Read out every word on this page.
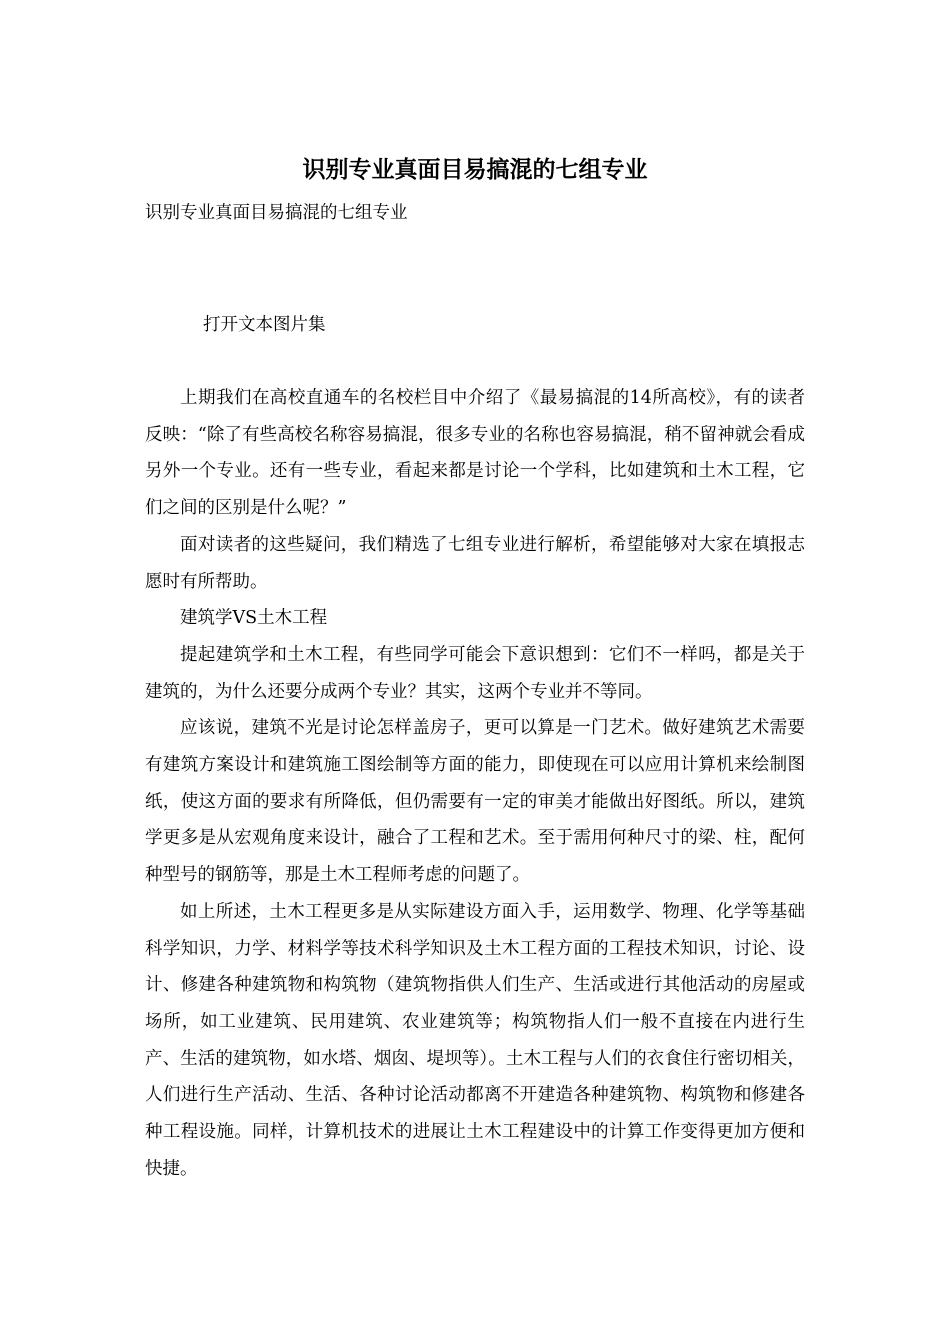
识别专业真面目易搞混的七组专业
识别专业真面目易搞混的七组专业
打开文本图片集

上期我们在高校直通车的名校栏目中介绍了《最易搞混的14所高校》，有的读者反映：“除了有些高校名称容易搞混，很多专业的名称也容易搞混，稍不留神就会看成另外一个专业。还有一些专业，看起来都是讨论一个学科，比如建筑和土木工程，它们之间的区别是什么呢？”

面对读者的这些疑问，我们精选了七组专业进行解析，希望能够对大家在填报志愿时有所帮助。

建筑学VS土木工程

提起建筑学和土木工程，有些同学可能会下意识想到：它们不一样吗，都是关于建筑的，为什么还要分成两个专业？其实，这两个专业并不等同。

应该说，建筑不光是讨论怎样盖房子，更可以算是一门艺术。做好建筑艺术需要有建筑方案设计和建筑施工图绘制等方面的能力，即使现在可以应用计算机来绘制图纸，使这方面的要求有所降低，但仍需要有一定的审美才能做出好图纸。所以，建筑学更多是从宏观角度来设计，融合了工程和艺术。至于需用何种尺寸的梁、柱，配何种型号的钢筋等，那是土木工程师考虑的问题了。

如上所述，土木工程更多是从实际建设方面入手，运用数学、物理、化学等基础科学知识，力学、材料学等技术科学知识及土木工程方面的工程技术知识，讨论、设计、修建各种建筑物和构筑物（建筑物指供人们生产、生活或进行其他活动的房屋或场所，如工业建筑、民用建筑、农业建筑等；构筑物指人们一般不直接在内进行生产、生活的建筑物，如水塔、烟囱、堤坝等）。土木工程与人们的衣食住行密切相关，人们进行生产活动、生活、各种讨论活动都离不开建造各种建筑物、构筑物和修建各种工程设施。同样，计算机技术的进展让土木工程建设中的计算工作变得更加方便和快捷。
